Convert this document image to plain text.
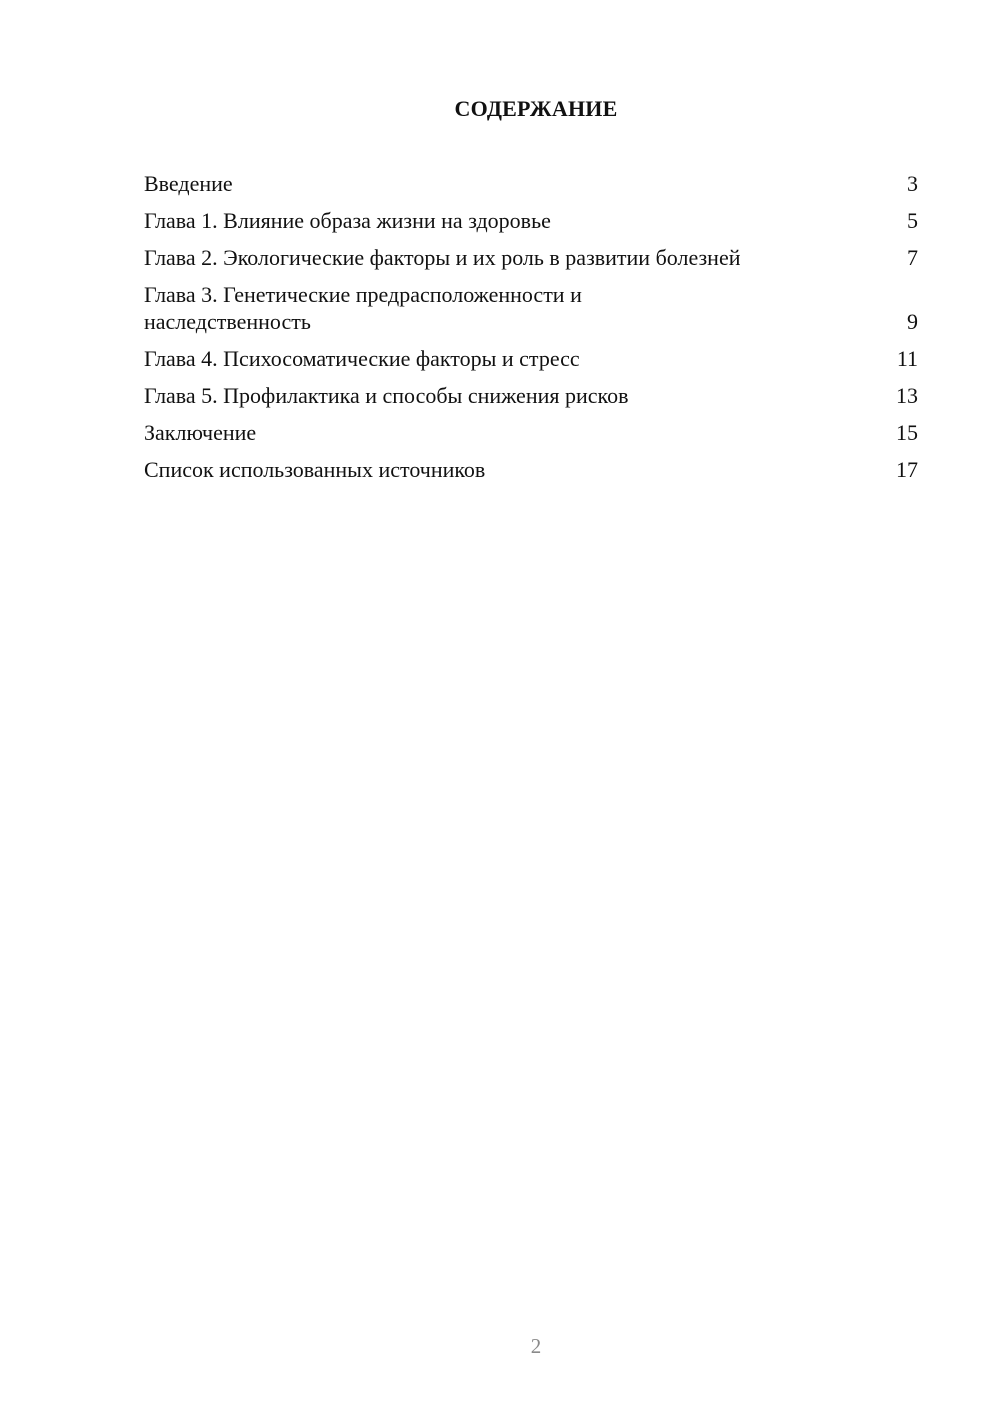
СОДЕРЖАНИЕ
Введение	3
Глава 1. Влияние образа жизни на здоровье	5
Глава 2. Экологические факторы и их роль в развитии болезней	7
Глава 3. Генетические предрасположенности и наследственность	9
Глава 4. Психосоматические факторы и стресс	11
Глава 5. Профилактика и способы снижения рисков	13
Заключение	15
Список использованных источников	17
2
